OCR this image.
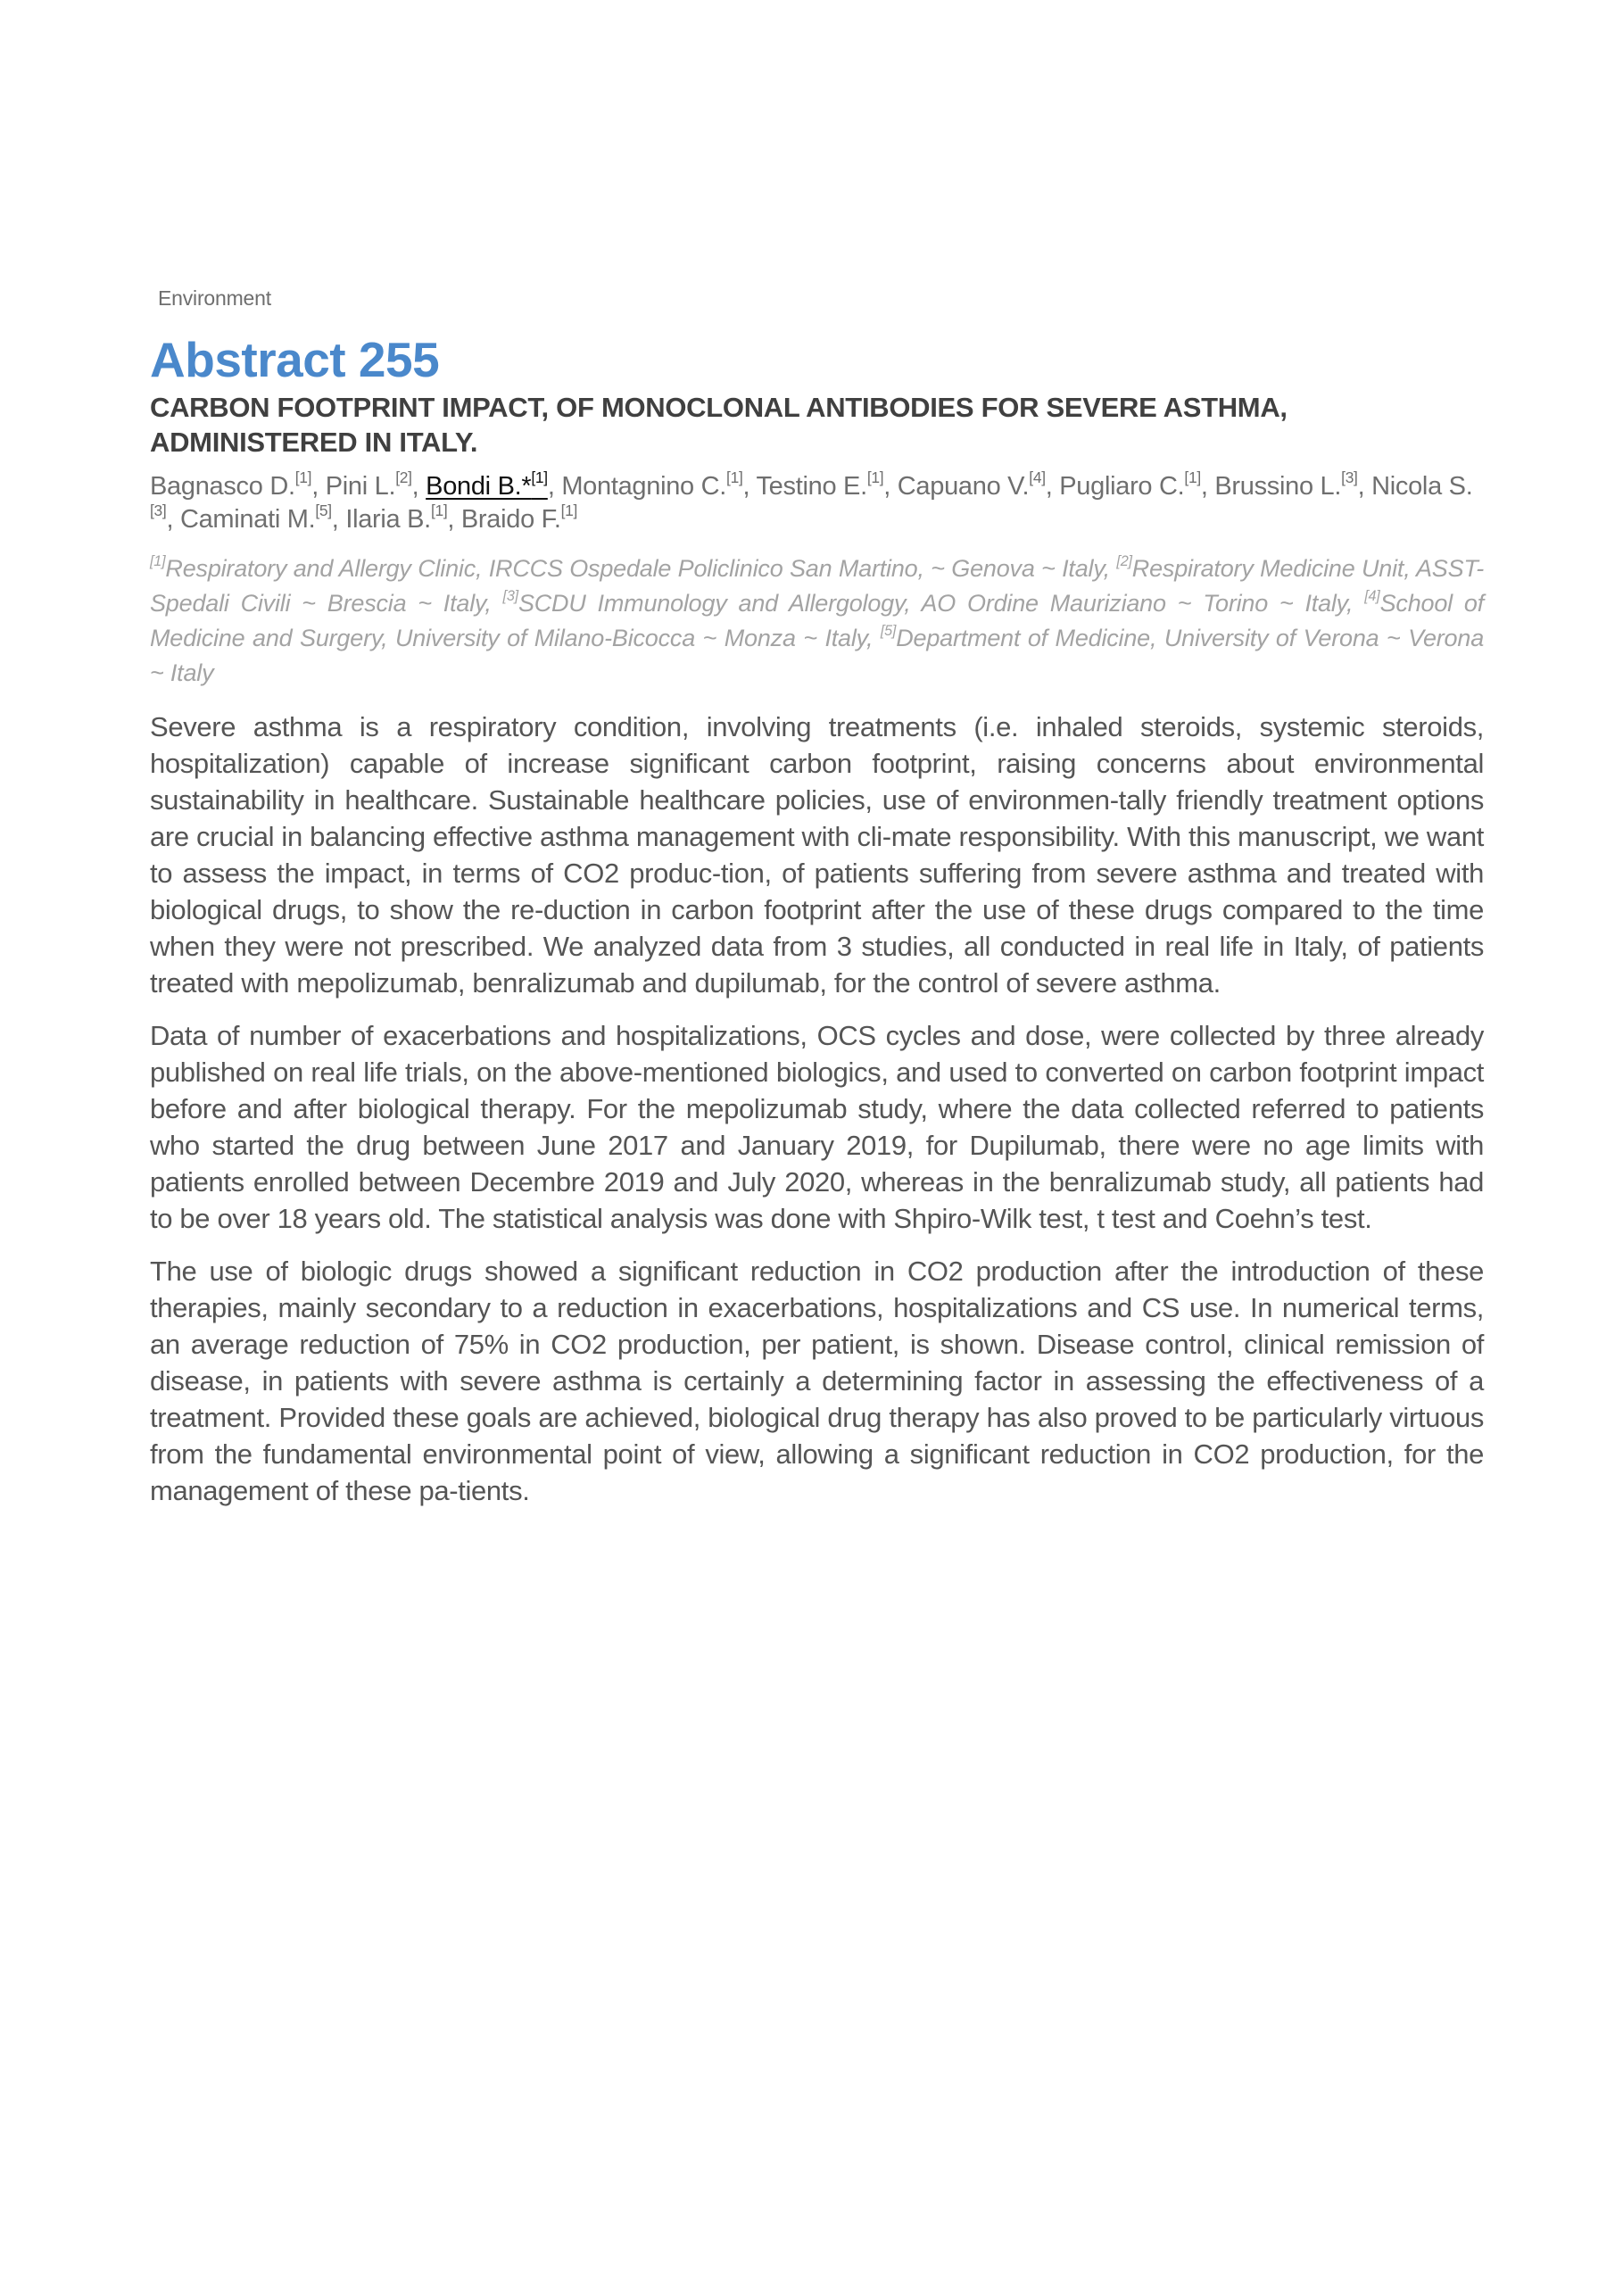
Environment
Abstract 255
CARBON FOOTPRINT IMPACT, OF MONOCLONAL ANTIBODIES FOR SEVERE ASTHMA, ADMINISTERED IN ITALY.
Bagnasco D.[1], Pini L.[2], Bondi B.*[1], Montagnino C.[1], Testino E.[1], Capuano V.[4], Pugliaro C.[1], Brussino L.[3], Nicola S.[3], Caminati M.[5], Ilaria B.[1], Braido F.[1]
[1]Respiratory and Allergy Clinic, IRCCS Ospedale Policlinico San Martino, ~ Genova ~ Italy, [2]Respiratory Medicine Unit, ASST-Spedali Civili ~ Brescia ~ Italy, [3]SCDU Immunology and Allergology, AO Ordine Mauriziano ~ Torino ~ Italy, [4]School of Medicine and Surgery, University of Milano-Bicocca ~ Monza ~ Italy, [5]Department of Medicine, University of Verona ~ Verona ~ Italy

Severe asthma is a respiratory condition, involving treatments (i.e. inhaled steroids, systemic steroids, hospitalization) capable of increase significant carbon footprint, raising concerns about environmental sustainability in healthcare. Sustainable healthcare policies, use of environmen-tally friendly treatment options are crucial in balancing effective asthma management with cli-mate responsibility. With this manuscript, we want to assess the impact, in terms of CO2 produc-tion, of patients suffering from severe asthma and treated with biological drugs, to show the re-duction in carbon footprint after the use of these drugs compared to the time when they were not prescribed. We analyzed data from 3 studies, all conducted in real life in Italy, of patients treated with mepolizumab, benralizumab and dupilumab, for the control of severe asthma.

Data of number of exacerbations and hospitalizations, OCS cycles and dose, were collected by three already published on real life trials, on the above-mentioned biologics, and used to converted on carbon footprint impact before and after biological therapy. For the mepolizumab study, where the data collected referred to patients who started the drug between June 2017 and January 2019, for Dupilumab, there were no age limits with patients enrolled between Decembre 2019 and July 2020, whereas in the benralizumab study, all patients had to be over 18 years old. The statistical analysis was done with Shpiro-Wilk test, t test and Coehn’s test.

The use of biologic drugs showed a significant reduction in CO2 production after the introduction of these therapies, mainly secondary to a reduction in exacerbations, hospitalizations and CS use. In numerical terms, an average reduction of 75% in CO2 production, per patient, is shown. Disease control, clinical remission of disease, in patients with severe asthma is certainly a determining factor in assessing the effectiveness of a treatment. Provided these goals are achieved, biological drug therapy has also proved to be particularly virtuous from the fundamental environmental point of view, allowing a significant reduction in CO2 production, for the management of these pa-tients.
